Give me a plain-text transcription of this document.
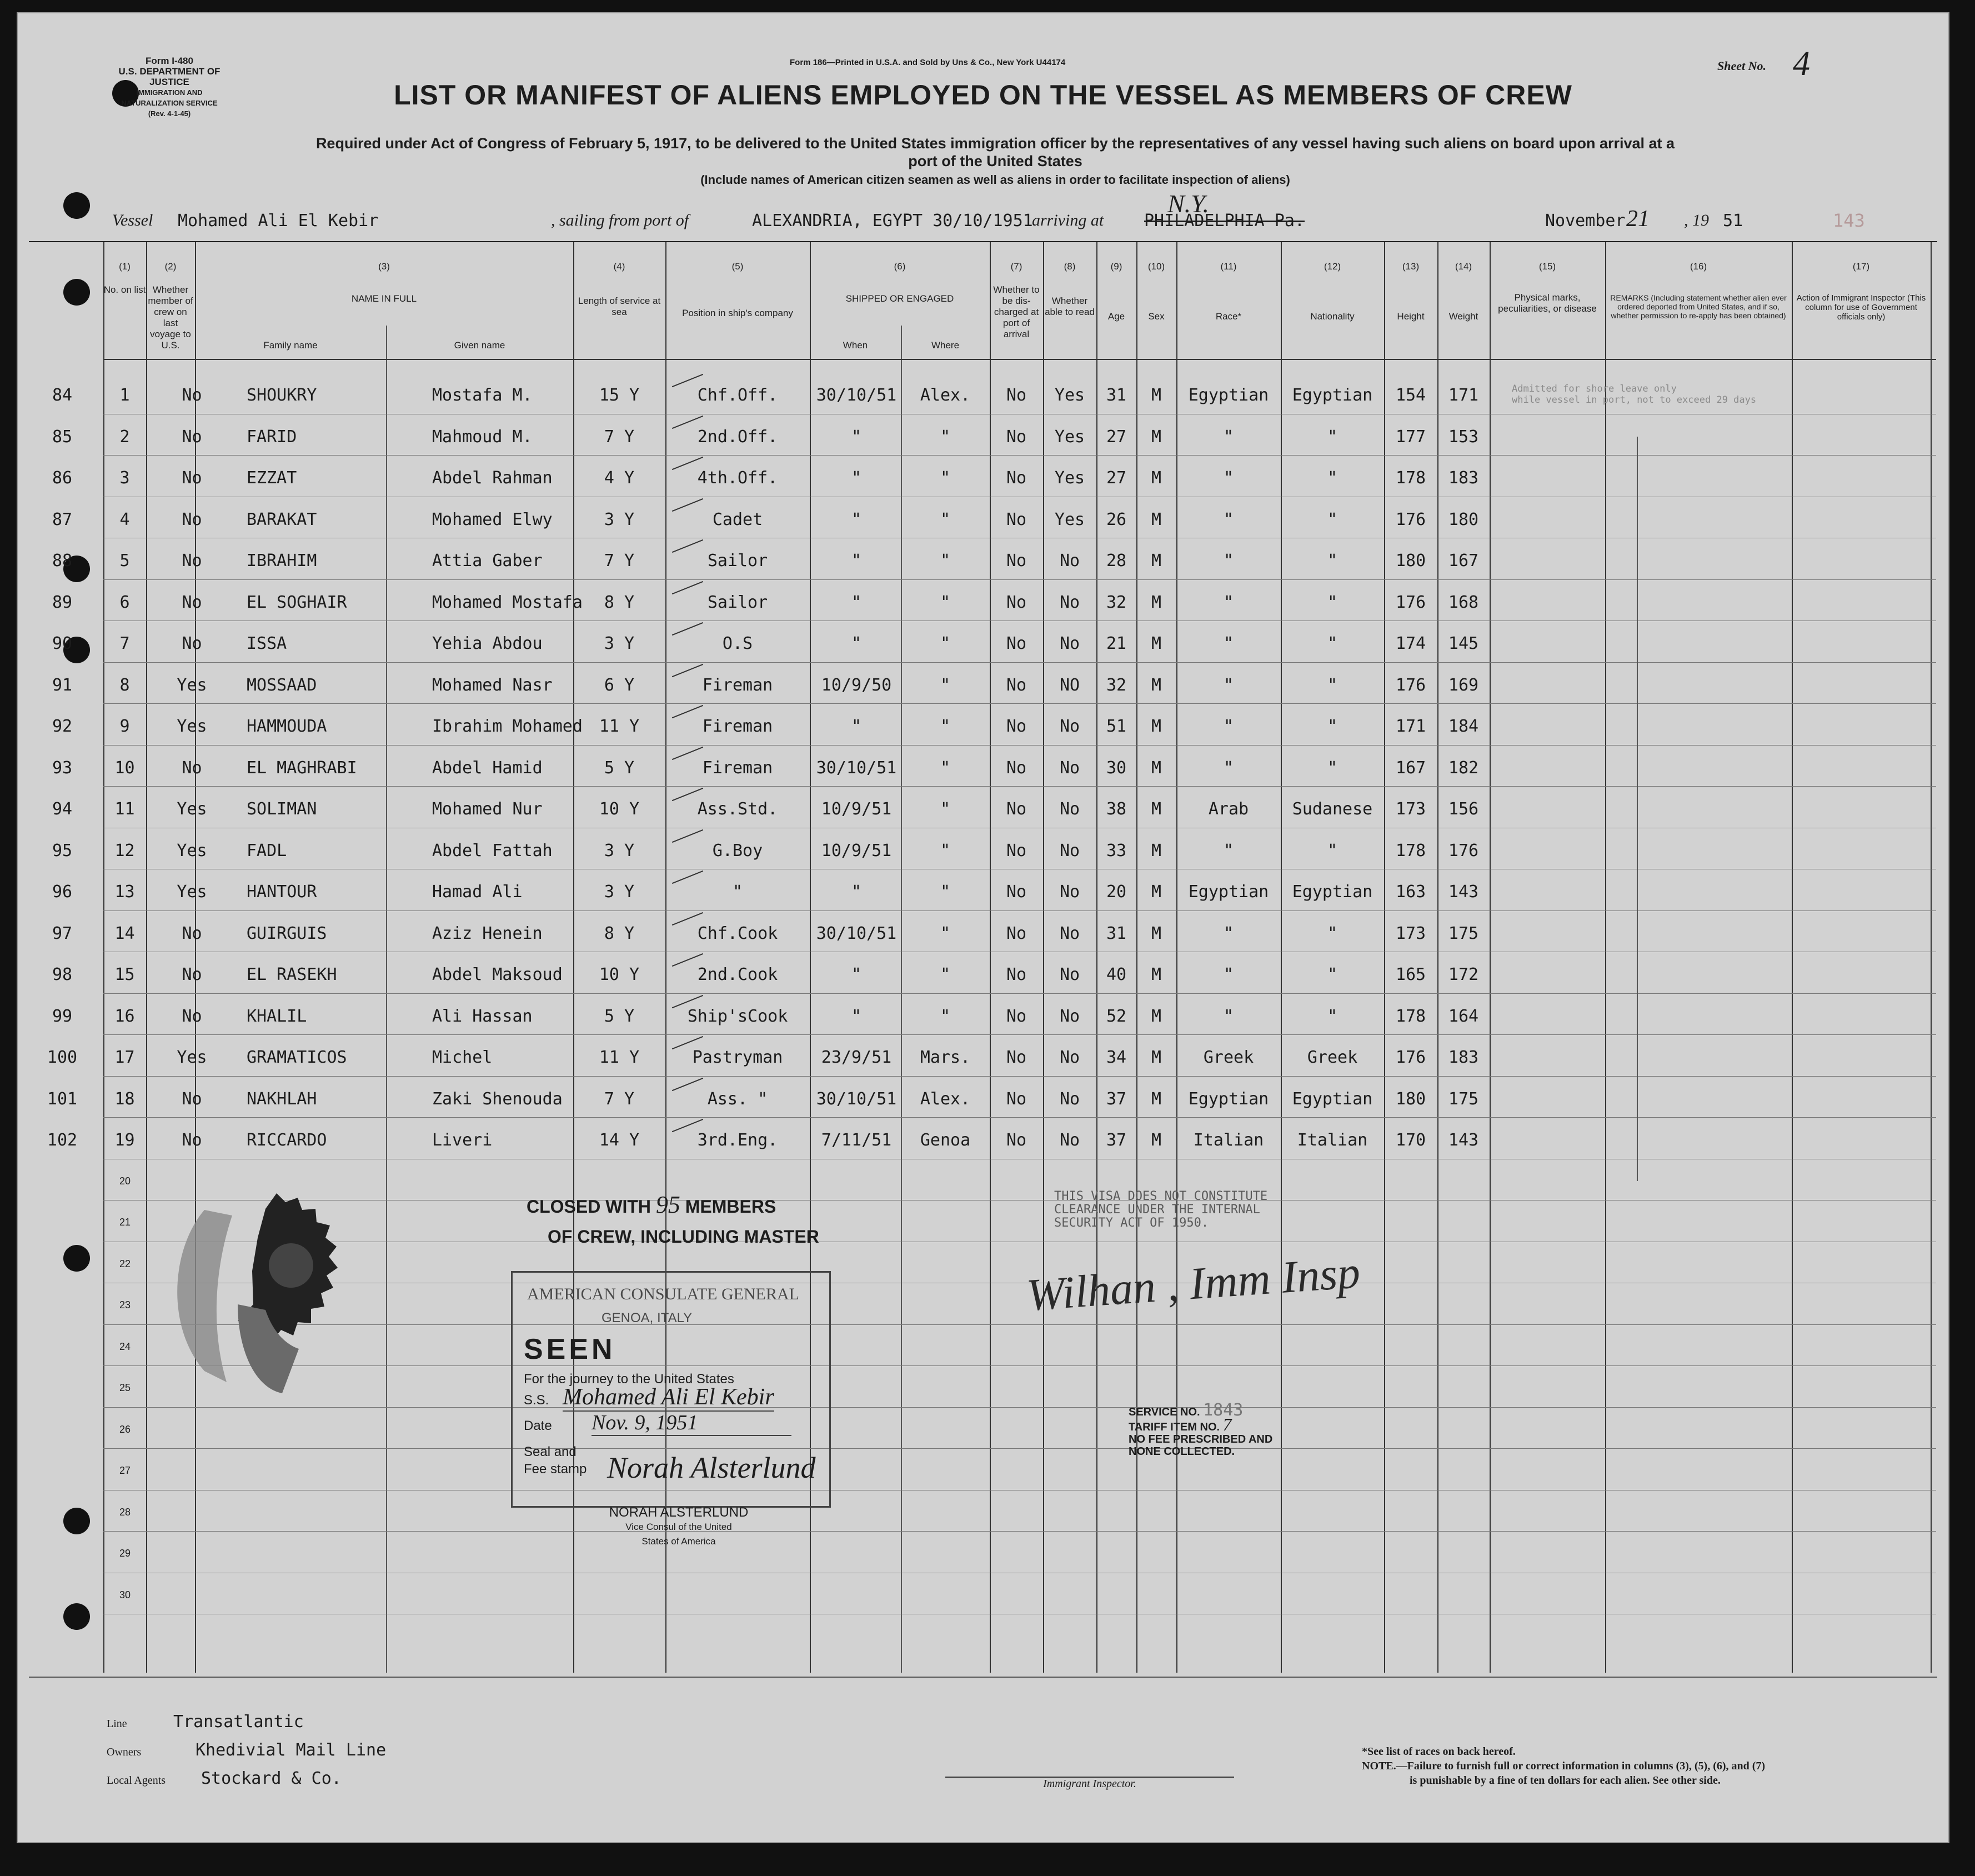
Form I-480
U.S. DEPARTMENT OF JUSTICE
IMMIGRATION AND NATURALIZATION SERVICE
(Rev. 4-1-45)
Form 186—Printed in U.S.A. and Sold by Uns & Co., New York U44174	Sheet No. 4
LIST OR MANIFEST OF ALIENS EMPLOYED ON THE VESSEL AS MEMBERS OF CREW
Required under Act of Congress of February 5, 1917, to be delivered to the United States immigration officer by the representatives of any vessel having such aliens on board upon arrival at a
port of the United States
(Include names of American citizen seamen as well as aliens in order to facilitate inspection of aliens)
Vessel Mohamed Ali El Kebir	, sailing from port of	ALEXANDRIA, EGYPT 30/10/1951
arriving at PHILADELPHIA Pa.
N.Y.
November 21 , 19 51	143
(1)	(2)	(3)	(4)	(5)	(6)	(7)	(8)	(9)	(10)	(11)	(12)	(13)	(14)	(15)	(16)	(17)
No. on list Whether member of crew on last voyage to U.S.
NAME IN FULL
Family name	Given name
Length of service at sea	Position in ship's company
SHIPPED OR ENGAGED
When	Where
Whether to be dis-charged at port of arrival
Whether able to read	Age	Sex	Race*	Nationality	Height	Weight
Physical marks, peculiarities, or disease
REMARKS (Including statement whether alien ever ordered deported from United States, and if so, whether permission to re-apply has been obtained)
Action of Immigrant Inspector (This column for use of Government officials only)
84	1	No	SHOUKRY	Mostafa M.	15 Y	Chf.Off.	30/10/51	Alex.	No	Yes	31	M	Egyptian	Egyptian	154	171
85	2	No	FARID	Mahmoud M.	7 Y	2nd.Off.	"	"	No	Yes	27	M	"	"	177	153
86	3	No	EZZAT	Abdel Rahman	4 Y	4th.Off.	"	"	No	Yes	27	M	"	"	178	183
87	4	No	BARAKAT	Mohamed Elwy	3 Y	Cadet	"	"	No	Yes	26	M	"	"	176	180
88	5	No	IBRAHIM	Attia Gaber	7 Y	Sailor	"	"	No	No	28	M	"	"	180	167
89	6	No	EL SOGHAIR	Mohamed Mostafa	8 Y	Sailor	"	"	No	No	32	M	"	"	176	168
90	7	No	ISSA	Yehia Abdou	3 Y	O.S	"	"	No	No	21	M	"	"	174	145
91	8	Yes	MOSSAAD	Mohamed Nasr	6 Y	Fireman	10/9/50	"	No	NO	32	M	"	"	176	169
92	9	Yes	HAMMOUDA	Ibrahim Mohamed 11 Y	Fireman	"	"	No	No	51	M	"	"	171	184
93	10	No	EL MAGHRABI	Abdel Hamid	5 Y	Fireman	30/10/51	"	No	No	30	M	"	"	167	182
94	11	Yes	SOLIMAN	Mohamed Nur	10 Y	Ass.Std.	10/9/51	"	No	No	38	M	Arab	Sudanese	173	156
95	12	Yes	FADL	Abdel Fattah	3 Y	G.Boy	10/9/51	"	No	No	33	M	"	"	178	176
96	13	Yes	HANTOUR	Hamad Ali	3 Y	"	"	"	No	No	20	M	Egyptian	Egyptian	163	143
97	14	No	GUIRGUIS	Aziz Henein	8 Y	Chf.Cook	30/10/51	"	No	No	31	M	"	"	173	175
98	15	No	EL RASEKH	Abdel Maksoud	10 Y	2nd.Cook	"	"	No	No	40	M	"	"	165	172
99	16	No	KHALIL	Ali Hassan	5 Y	Ship'sCook	"	"	No	No	52	M	"	"	178	164
100	17	Yes	GRAMATICOS	Michel	11 Y	Pastryman	23/9/51	Mars.	No	No	34	M	Greek	Greek	176	183
101	18	No	NAKHLAH	Zaki Shenouda	7 Y	Ass. "	30/10/51	Alex.	No	No	37	M	Egyptian	Egyptian	180	175
102	19	No	RICCARDO	Liveri	14 Y	3rd.Eng.	7/11/51	Genoa	No	No	37	M	Italian	Italian	170	143
20
21
22
23
24
25
26
27
28
29
30
Admitted for shore leave only
while vessel in port, not to exceed 29 days
CLOSED WITH 95 MEMBERS
OF CREW, INCLUDING MASTER
THIS VISA DOES NOT CONSTITUTE
CLEARANCE UNDER THE INTERNAL
SECURITY ACT OF 1950.
Wilhan , Imm Insp
AMERICAN CONSULATE GENERAL
GENOA, ITALY
SEEN
For the journey to the United States
S.S. Mohamed Ali El Kebir
Date Nov. 9, 1951
Seal and
Fee stamp Norah Alsterlund
NORAH ALSTERLUND
Vice Consul of the United
States of America
SERVICE NO. 1843
TARIFF ITEM NO. 7
NO FEE PRESCRIBED AND
NONE COLLECTED.
Line	Transatlantic
Owners	Khedivial Mail Line
Local Agents Stockard & Co.	Immigrant Inspector.
*See list of races on back hereof.
NOTE.—Failure to furnish full or correct information in columns (3), (5), (6), and (7)
is punishable by a fine of ten dollars for each alien. See other side.
